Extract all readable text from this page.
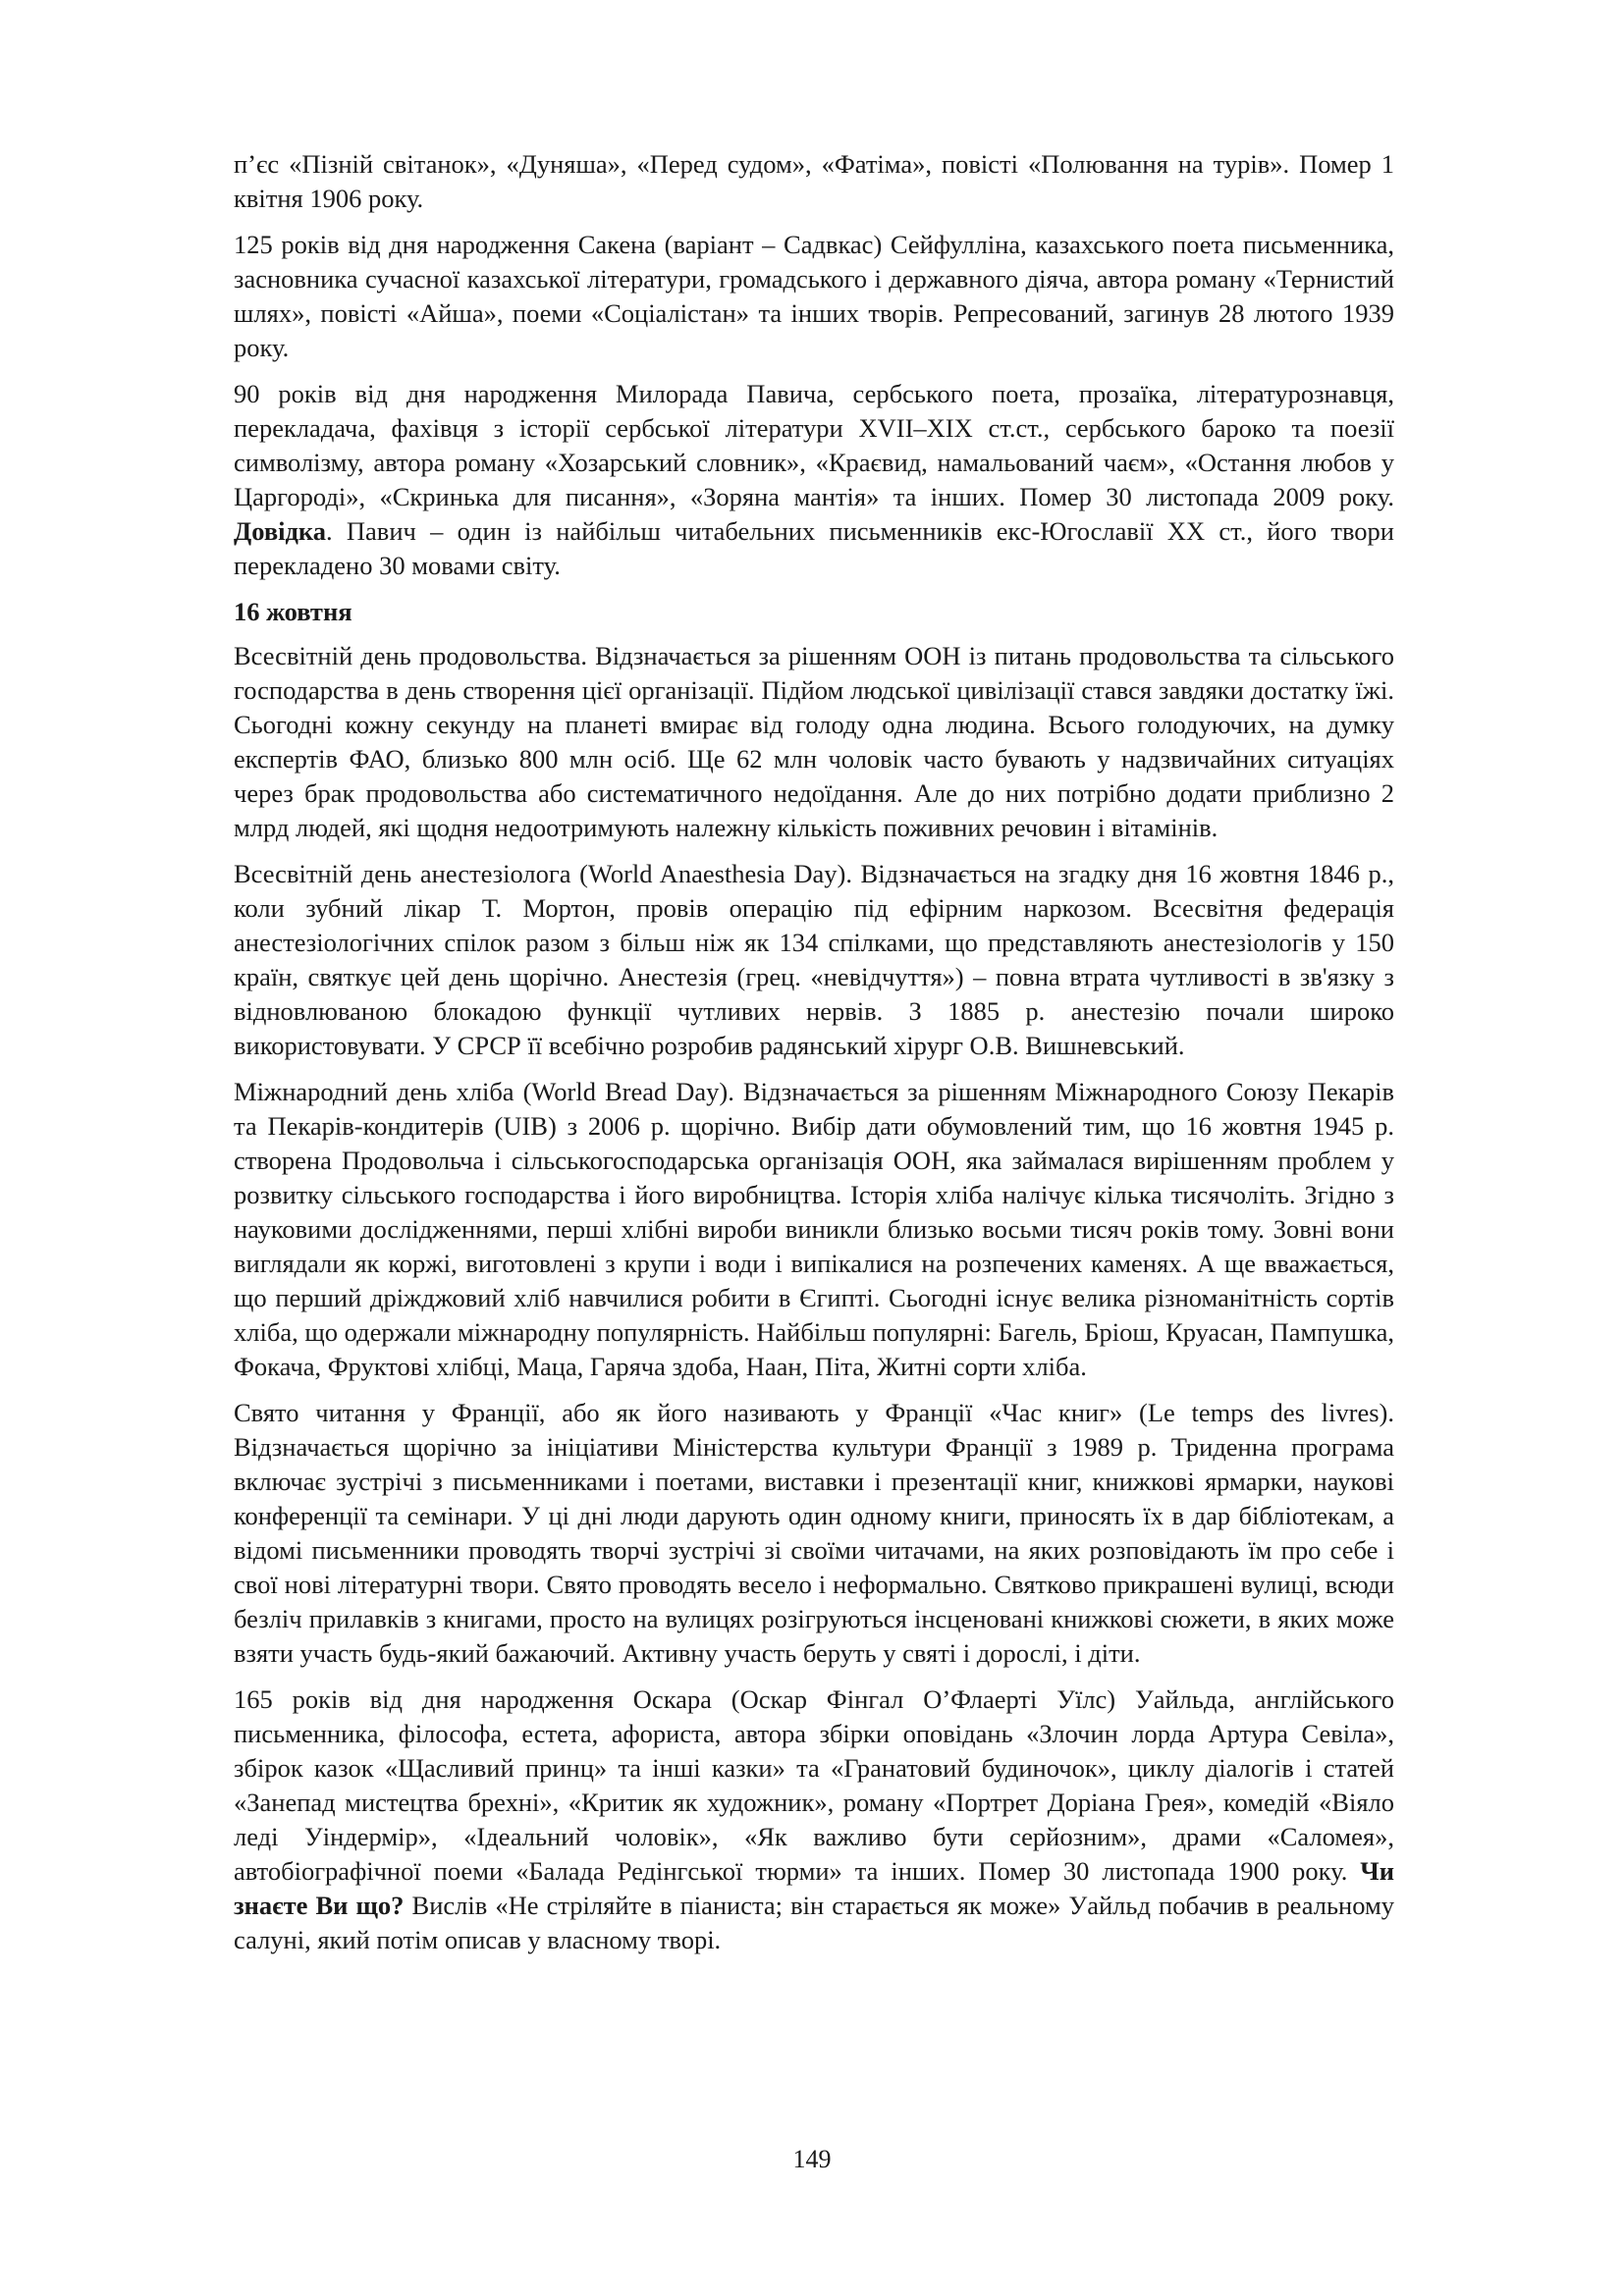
п’єс «Пізній світанок», «Дуняша», «Перед судом», «Фатіма», повісті «Полювання на турів». Помер 1 квітня 1906 року.

125 років від дня народження Сакена (варіант – Садвкас) Сейфулліна, казахського поета письменника, засновника сучасної казахської літератури, громадського і державного діяча, автора роману «Тернистий шлях», повісті «Айша», поеми «Соціалістан» та інших творів. Репресований, загинув 28 лютого 1939 року.

90 років від дня народження Милорада Павича, сербського поета, прозаїка, літературознавця, перекладача, фахівця з історії сербської літератури XVII–XIX ст.ст., сербського бароко та поезії символізму, автора роману «Хозарський словник», «Краєвид, намальований чаєм», «Остання любов у Царгороді», «Скринька для писання», «Зоряна мантія» та інших. Помер 30 листопада 2009 року. Довідка. Павич – один із найбільш читабельних письменників екс-Югославії ХХ ст., його твори перекладено 30 мовами світу.

16 жовтня

Всесвітній день продовольства. Відзначається за рішенням ООН із питань продовольства та сільського господарства в день створення цієї організації. Підйом людської цивілізації стався завдяки достатку їжі. Сьогодні кожну секунду на планеті вмирає від голоду одна людина. Всього голодуючих, на думку експертів ФАО, близько 800 млн осіб. Ще 62 млн чоловік часто бувають у надзвичайних ситуаціях через брак продовольства або систематичного недоїдання. Але до них потрібно додати приблизно 2 млрд людей, які щодня недоотримують належну кількість поживних речовин і вітамінів.

Всесвітній день анестезіолога (World Anaesthesia Day). Відзначається на згадку дня 16 жовтня 1846 р., коли зубний лікар Т. Мортон, провів операцію під ефірним наркозом. Всесвітня федерація анестезіологічних спілок разом з більш ніж як 134 спілками, що представляють анестезіологів у 150 країн, святкує цей день щорічно. Анестезія (грец. «невідчуття») – повна втрата чутливості в зв'язку з відновлюваною блокадою функції чутливих нервів. З 1885 р. анестезію почали широко використовувати. У СРСР її всебічно розробив радянський хірург О.В. Вишневський.

Міжнародний день хліба (World Bread Day). Відзначається за рішенням Міжнародного Союзу Пекарів та Пекарів-кондитерів (UIB) з 2006 р. щорічно. Вибір дати обумовлений тим, що 16 жовтня 1945 р. створена Продовольча і сільськогосподарська організація ООН, яка займалася вирішенням проблем у розвитку сільського господарства і його виробництва. Історія хліба налічує кілька тисячоліть. Згідно з науковими дослідженнями, перші хлібні вироби виникли близько восьми тисяч років тому. Зовні вони виглядали як коржі, виготовлені з крупи і води і випікалися на розпечених каменях. А ще вважається, що перший дріжджовий хліб навчилися робити в Єгипті. Сьогодні існує велика різноманітність сортів хліба, що одержали міжнародну популярність. Найбільш популярні: Багель, Бріош, Круасан, Пампушка, Фокача, Фруктові хлібці, Маца, Гаряча здоба, Наан, Піта, Житні сорти хліба.

Свято читання у Франції, або як його називають у Франції «Час книг» (Le temps des livres). Відзначається щорічно за ініціативи Міністерства культури Франції з 1989 р. Триденна програма включає зустрічі з письменниками і поетами, виставки і презентації книг, книжкові ярмарки, наукові конференції та семінари. У ці дні люди дарують один одному книги, приносять їх в дар бібліотекам, а відомі письменники проводять творчі зустрічі зі своїми читачами, на яких розповідають їм про себе і свої нові літературні твори. Свято проводять весело і неформально. Святково прикрашені вулиці, всюди безліч прилавків з книгами, просто на вулицях розігруються інсценовані книжкові сюжети, в яких може взяти участь будь-який бажаючий. Активну участь беруть у святі і дорослі, і діти.

165 років від дня народження Оскара (Оскар Фінгал О’Флаерті Уїлс) Уайльда, англійського письменника, філософа, естета, афориста, автора збірки оповідань «Злочин лорда Артура Севіла», збірок казок «Щасливий принц» та інші казки» та «Гранатовий будиночок», циклу діалогів і статей «Занепад мистецтва брехні», «Критик як художник», роману «Портрет Доріана Грея», комедій «Віяло леді Уіндермір», «Ідеальний чоловік», «Як важливо бути серйозним», драми «Саломея», автобіографічної поеми «Балада Редінгської тюрми» та інших. Помер 30 листопада 1900 року. Чи знаєте Ви що? Вислів «Не стріляйте в піаниста; він старається як може» Уайльд побачив в реальному салуні, який потім описав у власному творі.

149
